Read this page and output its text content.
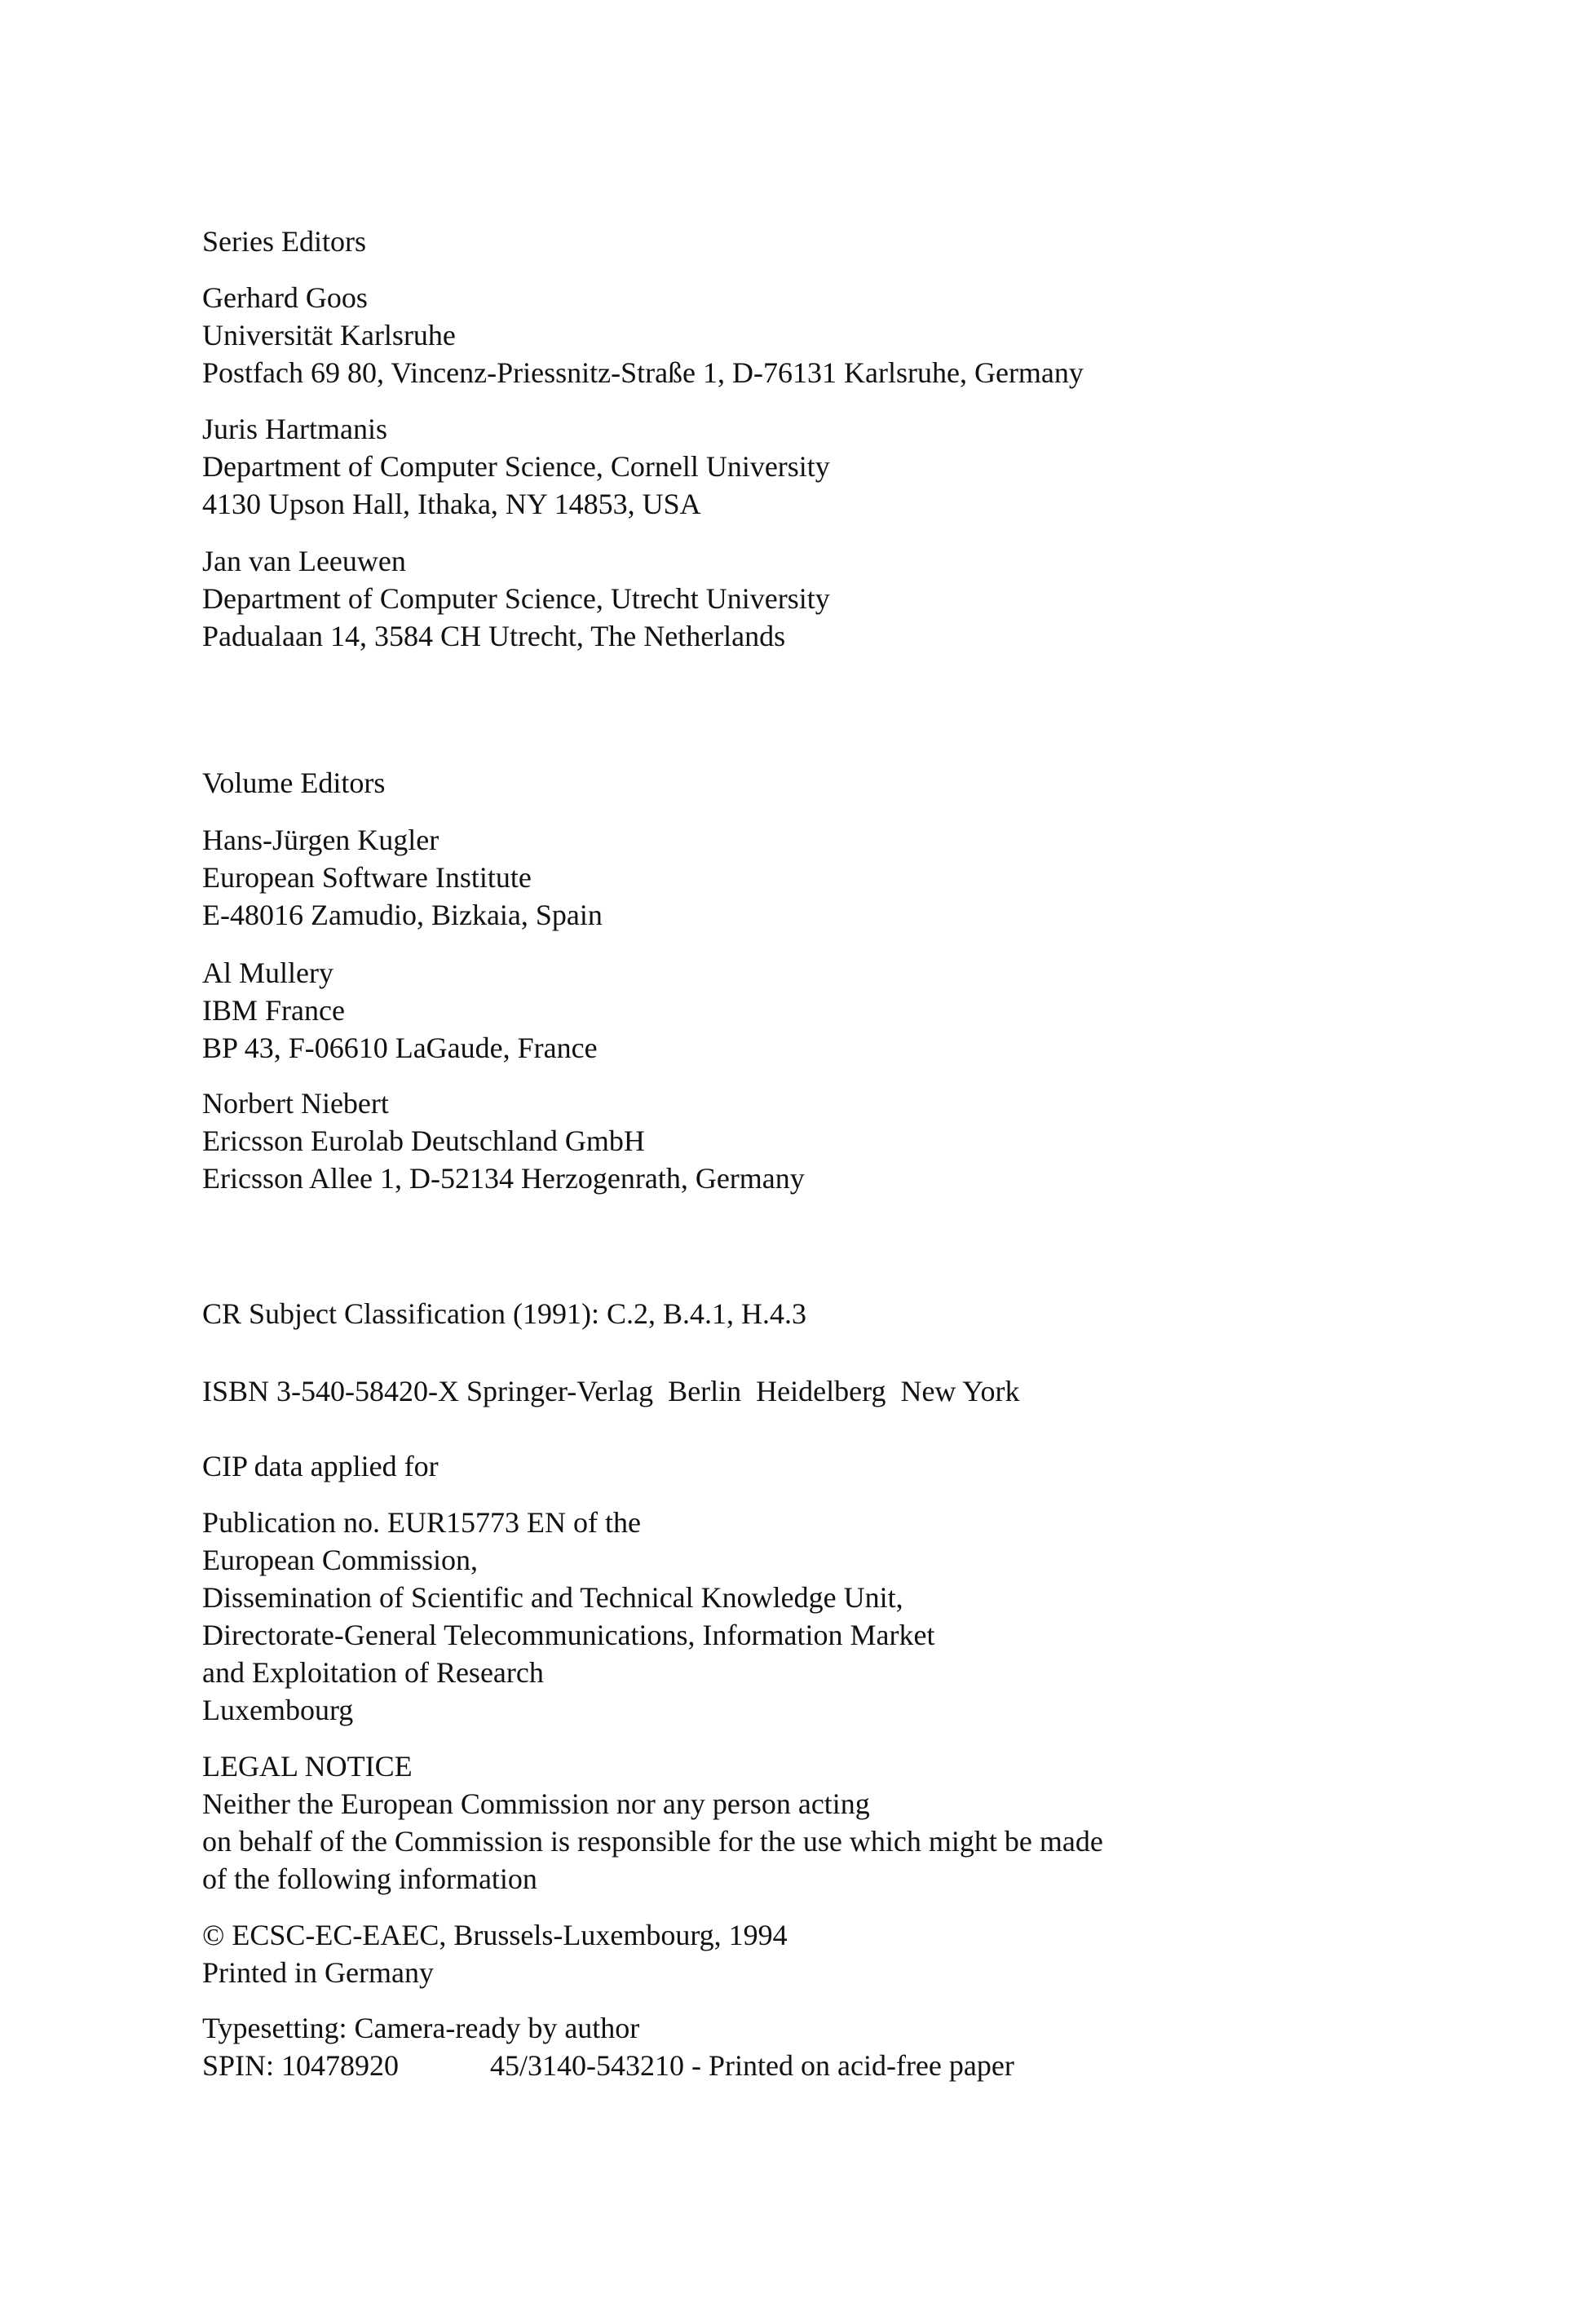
Series Editors
Gerhard Goos
Universität Karlsruhe
Postfach 69 80, Vincenz-Priessnitz-Straße 1, D-76131 Karlsruhe, Germany
Juris Hartmanis
Department of Computer Science, Cornell University
4130 Upson Hall, Ithaka, NY 14853, USA
Jan van Leeuwen
Department of Computer Science, Utrecht University
Padualaan 14, 3584 CH Utrecht, The Netherlands
Volume Editors
Hans-Jürgen Kugler
European Software Institute
E-48016 Zamudio, Bizkaia, Spain
Al Mullery
IBM France
BP 43, F-06610 LaGaude, France
Norbert Niebert
Ericsson Eurolab Deutschland GmbH
Ericsson Allee 1, D-52134 Herzogenrath, Germany
CR Subject Classification (1991): C.2, B.4.1, H.4.3
ISBN 3-540-58420-X Springer-Verlag  Berlin  Heidelberg  New York
CIP data applied for
Publication no. EUR15773 EN of the
European Commission,
Dissemination of Scientific and Technical Knowledge Unit,
Directorate-General Telecommunications, Information Market
and Exploitation of Research
Luxembourg
LEGAL NOTICE
Neither the European Commission nor any person acting
on behalf of the Commission is responsible for the use which might be made
of the following information
© ECSC-EC-EAEC, Brussels-Luxembourg, 1994
Printed in Germany
Typesetting: Camera-ready by author
SPIN: 10478920	45/3140-543210 - Printed on acid-free paper
